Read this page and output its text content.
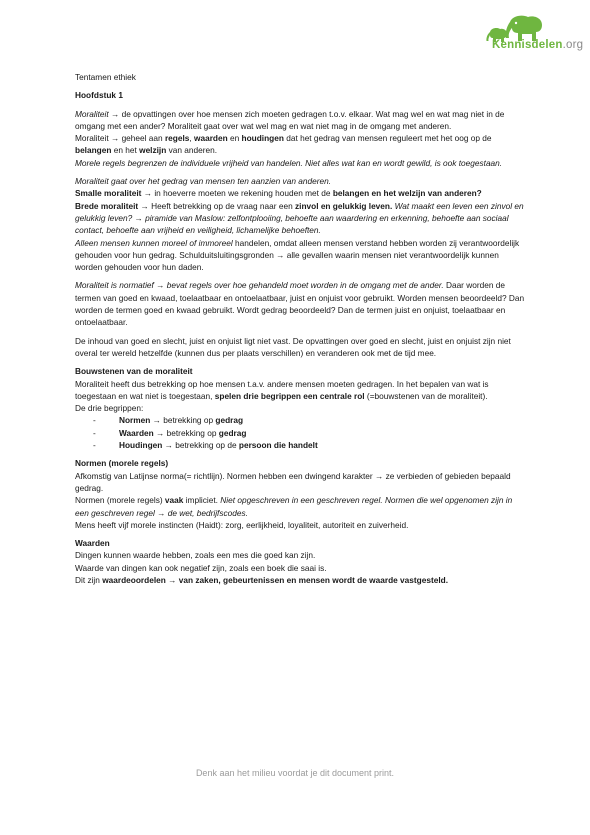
Kennisdelen.org

Tentamen ethiek

Hoofdstuk 1

Moraliteit → de opvattingen over hoe mensen zich moeten gedragen t.o.v. elkaar. Wat mag wel en wat mag niet in de omgang met een ander? Moraliteit gaat over wat wel mag en wat niet mag in de omgang met anderen.

Moraliteit → geheel aan regels, waarden en houdingen dat het gedrag van mensen reguleert met het oog op de belangen en het welzijn van anderen.

Morele regels begrenzen de individuele vrijheid van handelen. Niet alles wat kan en wordt gewild, is ook toegestaan.

Moraliteit gaat over het gedrag van mensen ten aanzien van anderen.

Smalle moraliteit → in hoeverre moeten we rekening houden met de belangen en het welzijn van anderen?

Brede moraliteit → Heeft betrekking op de vraag naar een zinvol en gelukkig leven. Wat maakt een leven een zinvol en gelukkig leven? → piramide van Maslow: zelfontplooiing, behoefte aan waardering en erkenning, behoefte aan sociaal contact, behoefte aan vrijheid en veiligheid, lichamelijke behoeften.

Alleen mensen kunnen moreel of immoreel handelen, omdat alleen mensen verstand hebben worden zij verantwoordelijk gehouden voor hun gedrag. Schulduitsluitingsgronden → alle gevallen waarin mensen niet verantwoordelijk kunnen worden gehouden voor hun daden.

Moraliteit is normatief → bevat regels over hoe gehandeld moet worden in de omgang met de ander. Daar worden de termen van goed en kwaad, toelaatbaar en ontoelaatbaar, juist en onjuist voor gebruikt. Worden mensen beoordeeld? Dan worden de termen goed en kwaad gebruikt. Wordt gedrag beoordeeld? Dan de termen juist en onjuist, toelaatbaar en ontoelaatbaar.

De inhoud van goed en slecht, juist en onjuist ligt niet vast. De opvattingen over goed en slecht, juist en onjuist zijn niet overal ter wereld hetzelfde (kunnen dus per plaats verschillen) en veranderen ook met de tijd mee.

Bouwstenen van de moraliteit

Moraliteit heeft dus betrekking op hoe mensen t.a.v. andere mensen moeten gedragen. In het bepalen van wat is toegestaan en wat niet is toegestaan, spelen drie begrippen een centrale rol (=bouwstenen van de moraliteit).

De drie begrippen:

- Normen → betrekking op gedrag
- Waarden → betrekking op gedrag
- Houdingen → betrekking op de persoon die handelt

Normen (morele regels)

Afkomstig van Latijnse norma(= richtlijn). Normen hebben een dwingend karakter → ze verbieden of gebieden bepaald gedrag.

Normen (morele regels) vaak impliciet. Niet opgeschreven in een geschreven regel. Normen die wel opgenomen zijn in een geschreven regel → de wet, bedrijfscodes.

Mens heeft vijf morele instincten (Haidt): zorg, eerlijkheid, loyaliteit, autoriteit en zuiverheid.

Waarden

Dingen kunnen waarde hebben, zoals een mes die goed kan zijn.

Waarde van dingen kan ook negatief zijn, zoals een boek die saai is.

Dit zijn waardeoordelen → van zaken, gebeurtenissen en mensen wordt de waarde vastgesteld.

Denk aan het milieu voordat je dit document print.
